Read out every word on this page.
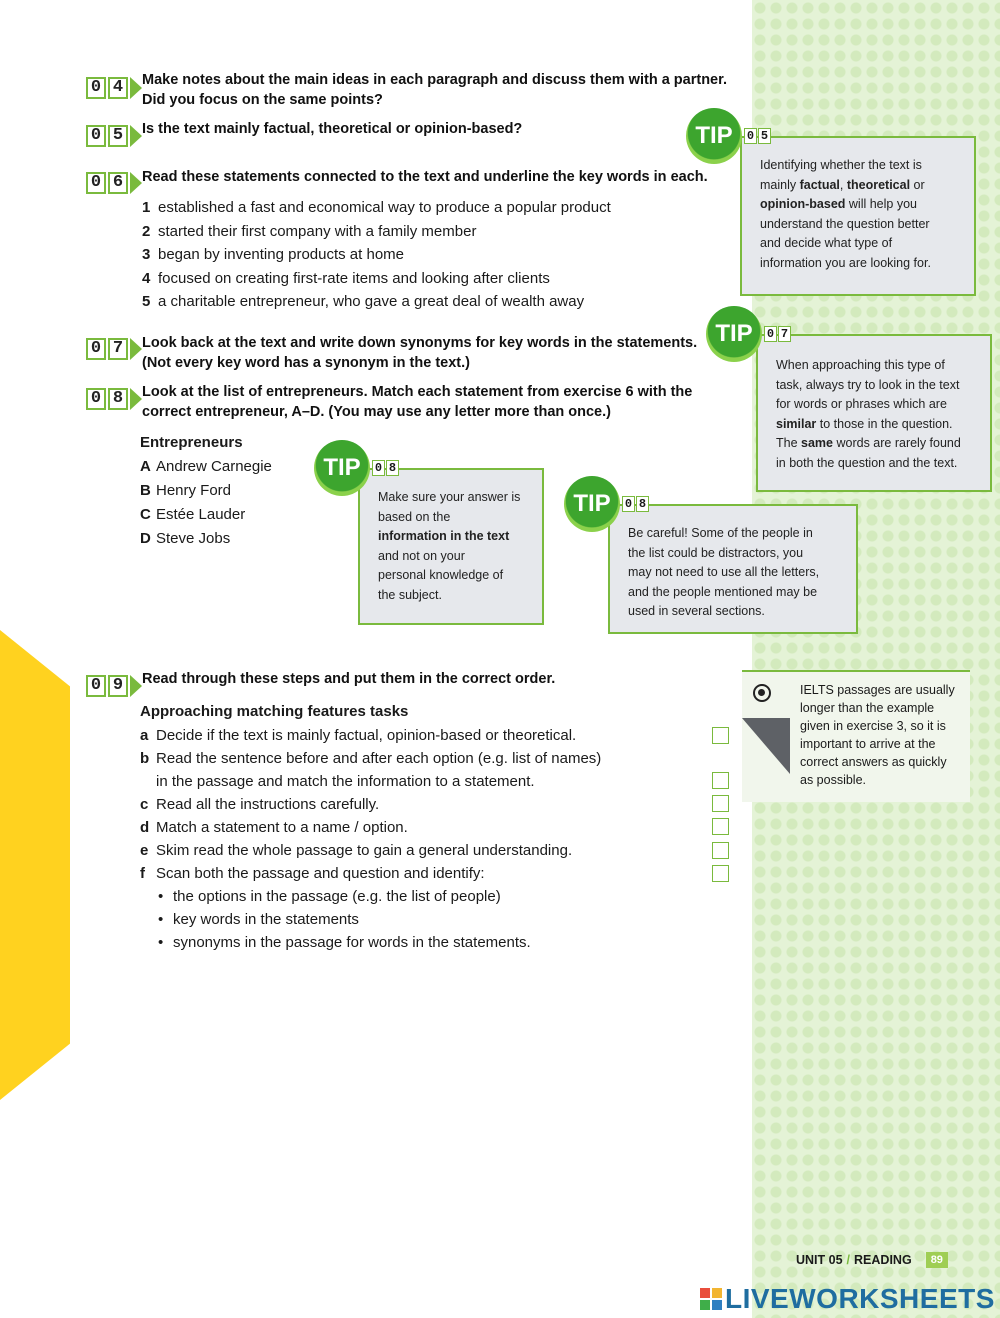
0 4	Make notes about the main ideas in each paragraph and discuss them with a partner.
Did you focus on the same points?
0 5	Is the text mainly factual, theoretical or opinion-based?
0 6	Read these statements connected to the text and underline the key words in each.
1 established a fast and economical way to produce a popular product
2 started their first company with a family member
3 began by inventing products at home
4 focused on creating first-rate items and looking after clients
5 a charitable entrepreneur, who gave a great deal of wealth away
0 7	Look back at the text and write down synonyms for key words in the statements.
(Not every key word has a synonym in the text.)
0 8	Look at the list of entrepreneurs. Match each statement from exercise 6 with the
correct entrepreneur, A–D. (You may use any letter more than once.)
Entrepreneurs
A Andrew Carnegie
B Henry Ford
C Estée Lauder
D Steve Jobs
Identifying whether the text is
mainly factual, theoretical or
opinion-based will help you
understand the question better
and decide what type of
information you are looking for.
TIP	0 5
When approaching this type of
task, always try to look in the text
for words or phrases which are
similar to those in the question.
The same words are rarely found
in both the question and the text.
TIP	0 7
Make sure your answer is
based on the
information in the text
and not on your
personal knowledge of
the subject.
TIP	0 8
Be careful! Some of the people in
the list could be distractors, you
may not need to use all the letters,
and the people mentioned may be
used in several sections.
TIP	0 8
0 9	Read through these steps and put them in the correct order.
Approaching matching features tasks
a Decide if the text is mainly factual, opinion-based or theoretical.
b Read the sentence before and after each option (e.g. list of names)
in the passage and match the information to a statement.
c Read all the instructions carefully.
d Match a statement to a name / option.
e Skim read the whole passage to gain a general understanding.
f Scan both the passage and question and identify:
• the options in the passage (e.g. the list of people)
• key words in the statements
• synonyms in the passage for words in the statements.
IELTS passages are usually
longer than the example
given in exercise 3, so it is
important to arrive at the
correct answers as quickly
as possible.
UNIT 05 / READING	89
LIVEWORKSHEETS
